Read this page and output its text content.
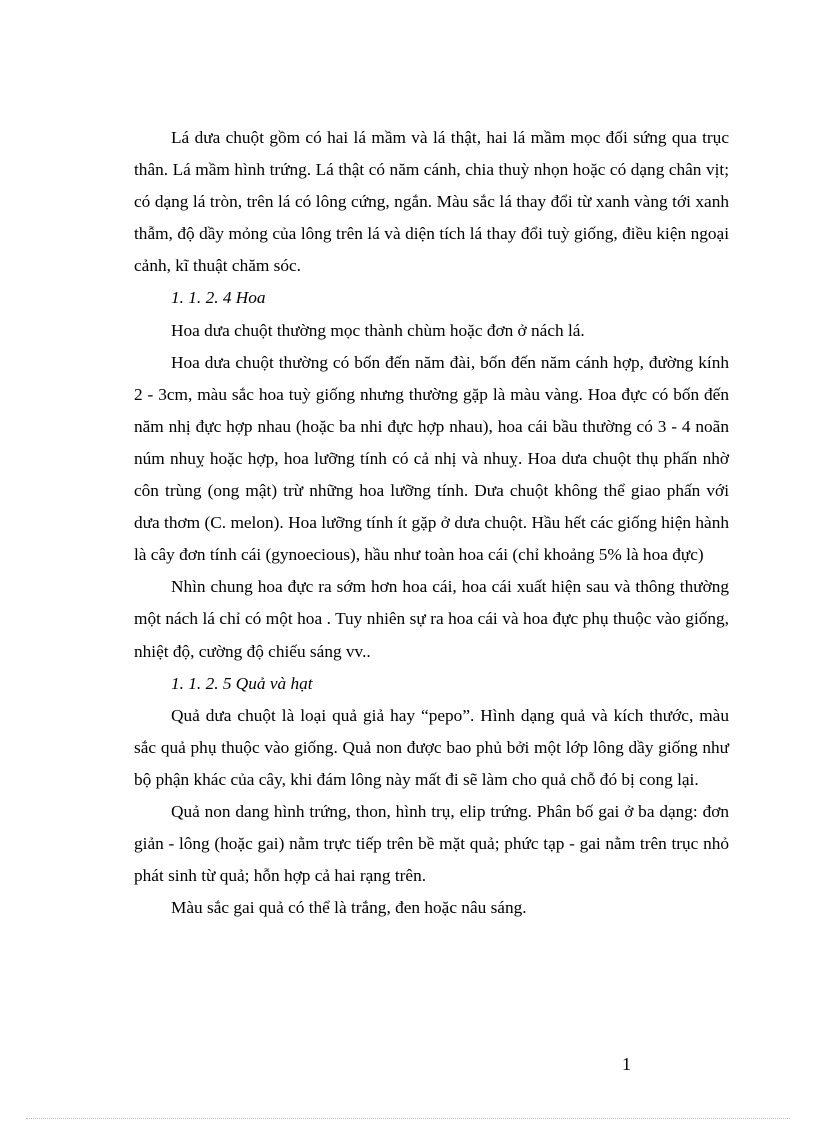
Lá dưa chuột gồm có hai lá mầm và lá thật, hai lá mầm mọc đối sứng qua trục thân. Lá mầm hình trứng. Lá thật có năm cánh, chia thuỳ nhọn hoặc có dạng chân vịt; có dạng lá tròn, trên lá có lông cứng, ngắn. Màu sắc lá thay đổi từ xanh vàng tới xanh thẫm, độ dầy mỏng của lông trên lá và diện tích lá thay đổi tuỳ giống, điều kiện ngoại cảnh, kĩ thuật chăm sóc.

1. 1. 2. 4 Hoa

Hoa dưa chuột thường mọc thành chùm hoặc đơn ở nách lá.

Hoa dưa chuột thường có bốn đến năm đài, bốn đến năm cánh hợp, đường kính 2 - 3cm, màu sắc hoa tuỳ giống nhưng thường gặp là màu vàng. Hoa đực có bốn đến năm nhị đực hợp nhau (hoặc ba nhi đực hợp nhau), hoa cái bầu thường có 3 - 4 noãn núm nhuỵ hoặc hợp, hoa lưỡng tính có cả nhị và nhuỵ. Hoa dưa chuột thụ phấn nhờ côn trùng (ong mật) trừ những hoa lưỡng tính. Dưa chuột không thể giao phấn với dưa thơm (C. melon). Hoa lưỡng tính ít gặp ở dưa chuột. Hầu hết các giống hiện hành là cây đơn tính cái (gynoecious), hầu như toàn hoa cái (chỉ khoảng 5% là hoa đực)

Nhìn chung hoa đực ra sớm hơn hoa cái, hoa cái xuất hiện sau và thông thường một nách lá chỉ có một hoa . Tuy nhiên sự ra hoa cái và hoa đực phụ thuộc vào giống, nhiệt độ, cường độ chiếu sáng vv..

1. 1. 2. 5 Quả và hạt

Quả dưa chuột là loại quả giả hay “pepo”. Hình dạng quả và kích thước, màu sắc quả phụ thuộc vào giống. Quả non được bao phủ bởi một lớp lông dầy giống như bộ phận khác của cây, khi đám lông này mất đi sẽ làm cho quả chỗ đó bị cong lại.

Quả non dang hình trứng, thon, hình trụ, elip trứng. Phân bố gai ở ba dạng: đơn giản - lông (hoặc gai) nằm trực tiếp trên bề mặt quả; phức tạp - gai nằm trên trục nhỏ phát sinh từ quả; hỗn hợp cả hai rạng trên.

Màu sắc gai quả có thể là trắng, đen hoặc nâu sáng.

1
